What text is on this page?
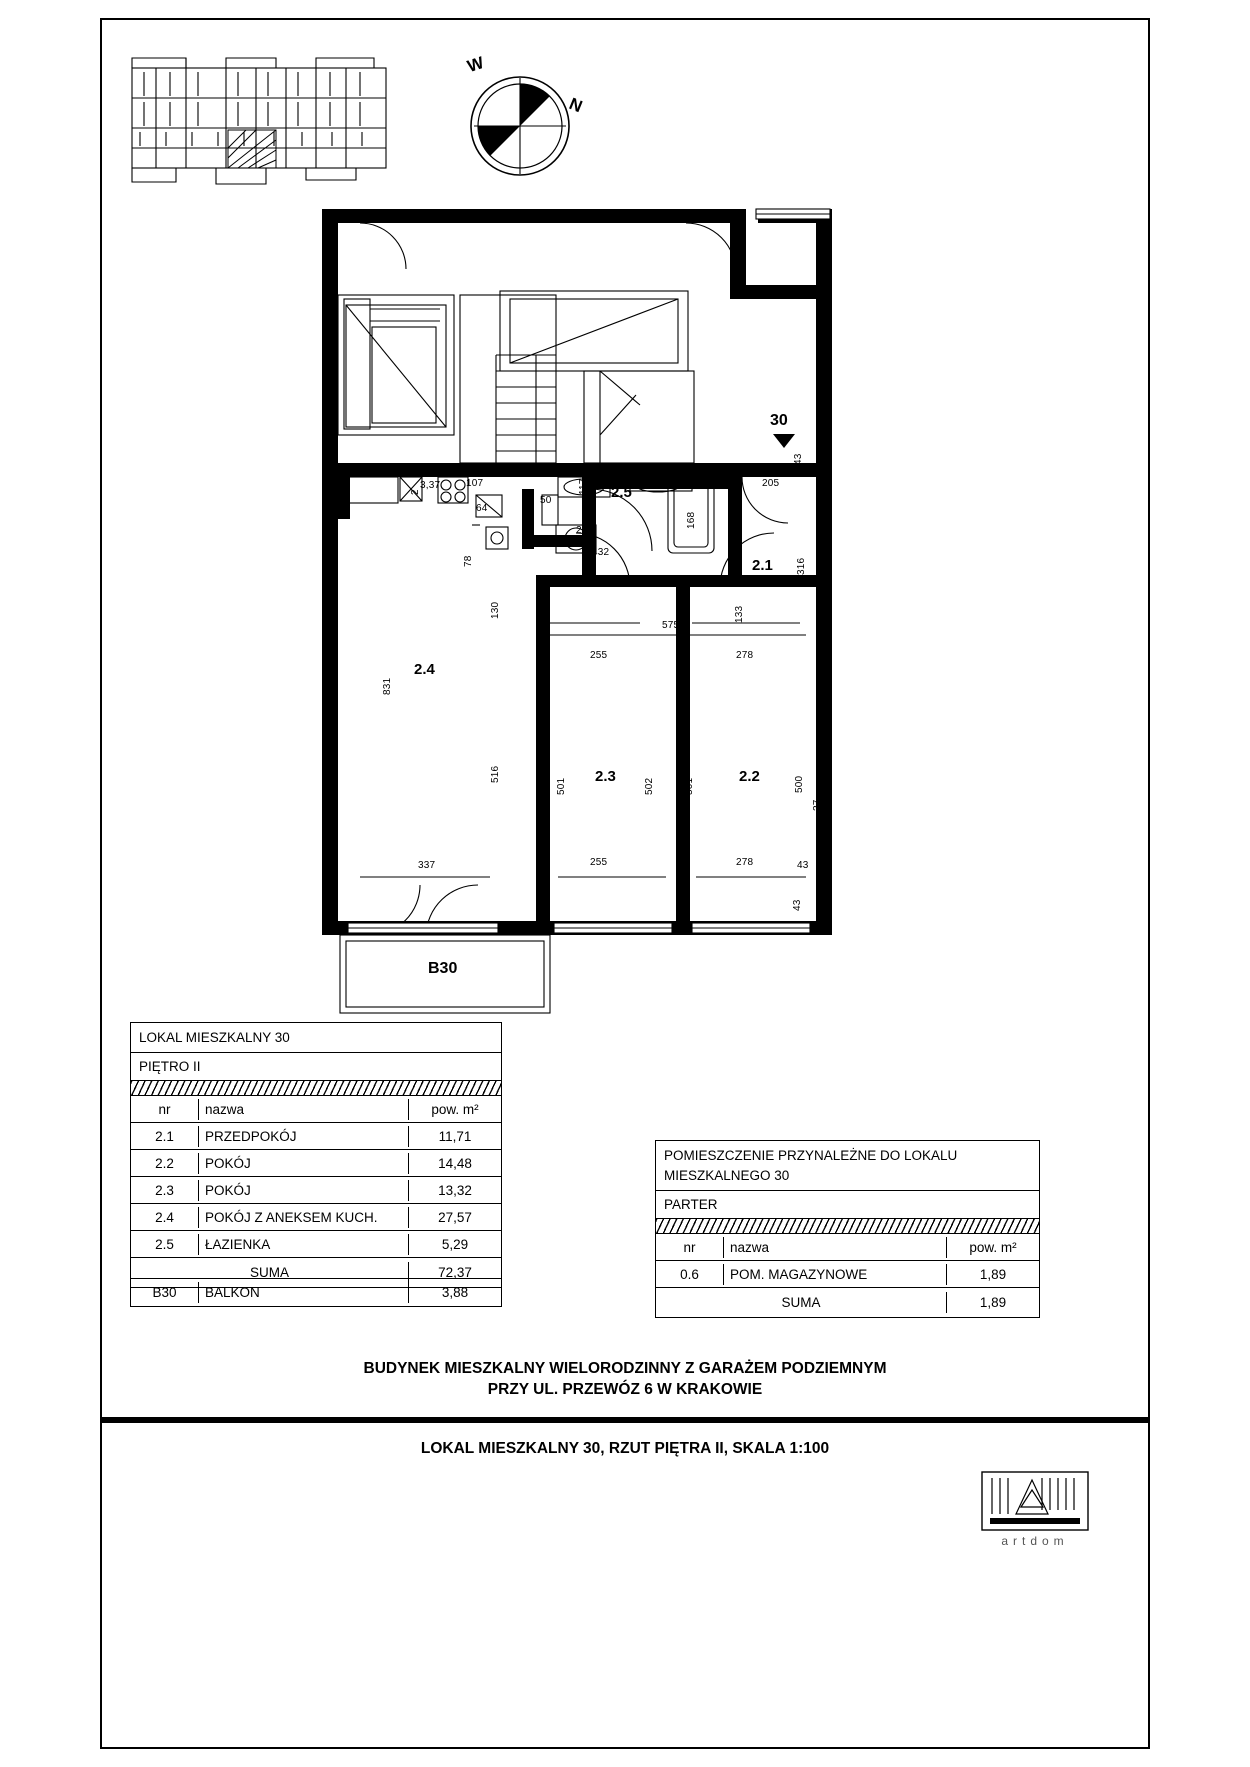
W
N
2.4
2.1
2.5
2.3	2.2
B30
337	255	278
255	278
575
432
279
329
3,37	107
64
50
205
43
831
516
501	502	501	500
27
130	133
181
316
117
168
78
2
43
43
30
LOKAL MIESZKALNY 30
PIĘTRO II
nr	nazwa	pow. m²
2.1	PRZEDPOKÓJ	11,71
2.2	POKÓJ	14,48
2.3	POKÓJ	13,32
2.4	POKÓJ Z ANEKSEM KUCH.	27,57
2.5	ŁAZIENKA	5,29
SUMA	72,37
B30	BALKON	3,88
POMIESZCZENIE PRZYNALEŻNE DO LOKALU
MIESZKALNEGO 30
PARTER
nr	nazwa	pow. m²
0.6	POM. MAGAZYNOWE	1,89
SUMA	1,89
BUDYNEK MIESZKALNY WIELORODZINNY Z GARAŻEM PODZIEMNYM
PRZY UL. PRZEWÓZ 6 W KRAKOWIE
LOKAL MIESZKALNY 30, RZUT PIĘTRA II, SKALA 1:100
artdom
